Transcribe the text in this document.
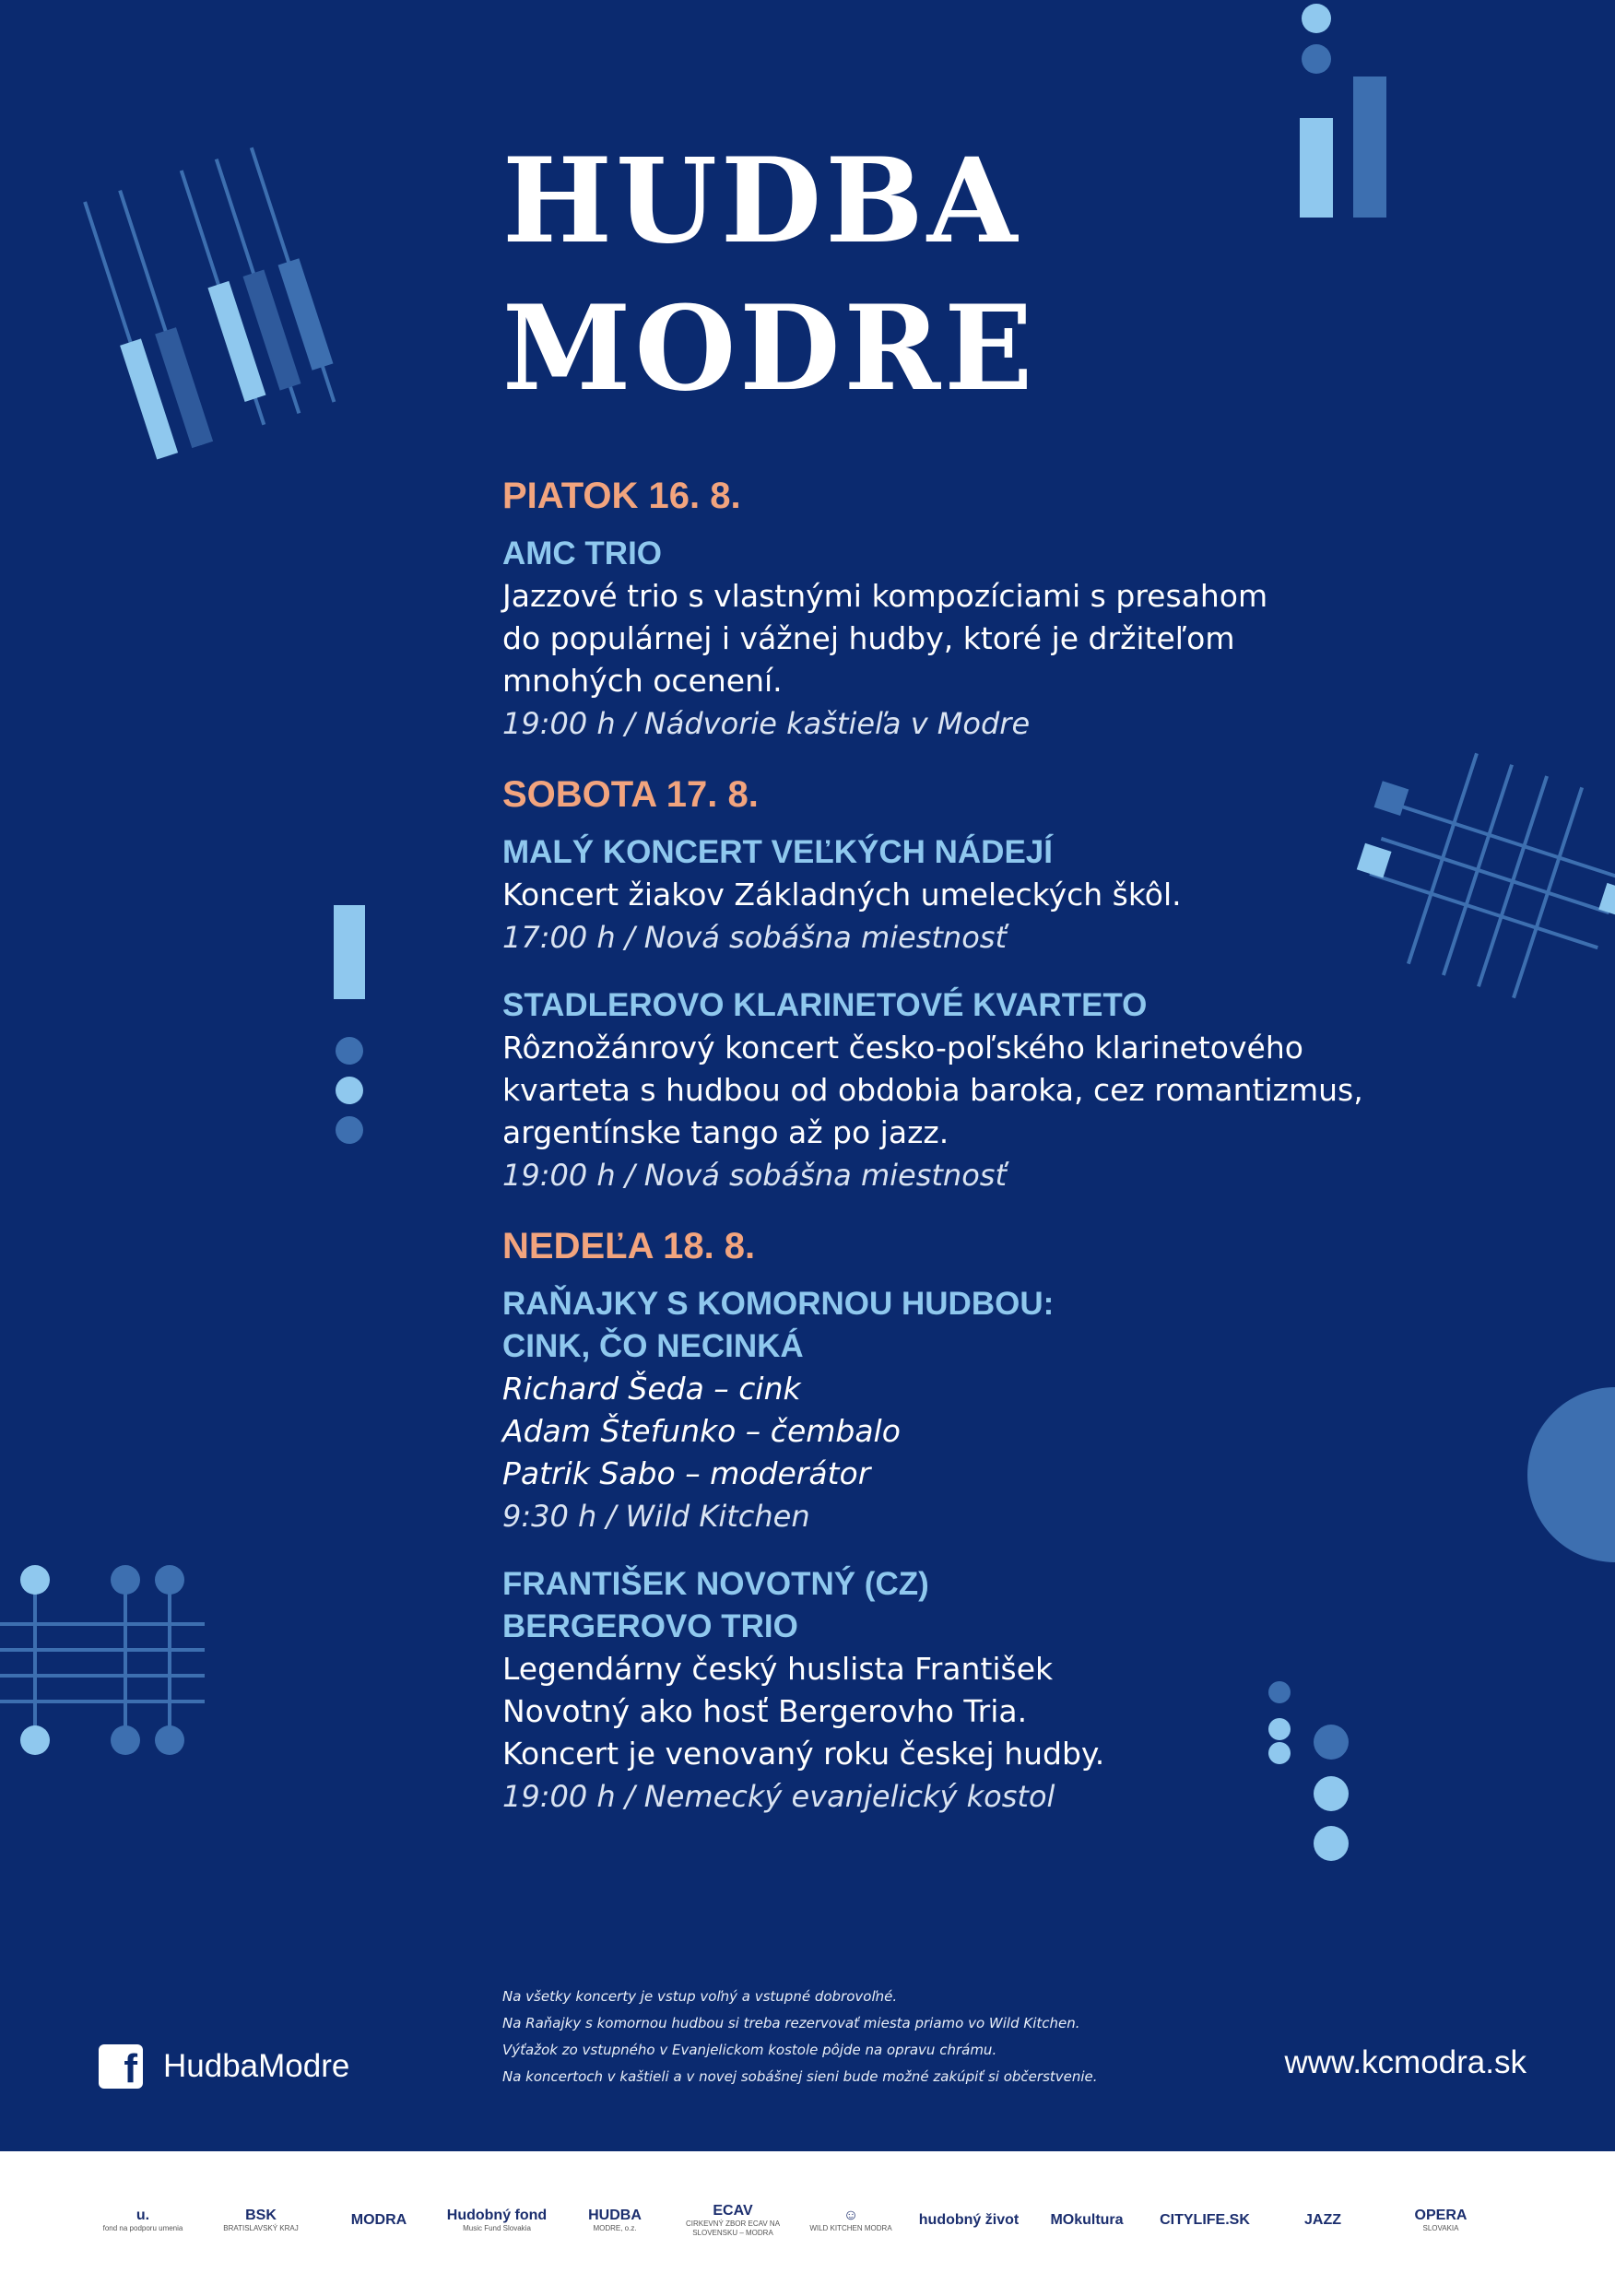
HUDBA
MODRE
PIATOK 16. 8.
AMC TRIO
Jazzové trio s vlastnými kompozíciami s presahom
do populárnej i vážnej hudby, ktoré je držiteľom
mnohých ocenení.
19:00 h / Nádvorie kaštieľa v Modre
SOBOTA 17. 8.
MALÝ KONCERT VEĽKÝCH NÁDEJÍ
Koncert žiakov Základných umeleckých škôl.
17:00 h / Nová sobášna miestnosť
STADLEROVO KLARINETOVÉ KVARTETO
Rôznožánrový koncert česko-poľského klarinetového
kvarteta s hudbou od obdobia baroka, cez romantizmus,
argentínske tango až po jazz.
19:00 h / Nová sobášna miestnosť
NEDEĽA 18. 8.
RAŇAJKY S KOMORNOU HUDBOU:
CINK, ČO NECINKÁ
Richard Šeda – cink
Adam Štefunko – čembalo
Patrik Sabo – moderátor
9:30 h / Wild Kitchen
FRANTIŠEK NOVOTNÝ (CZ)
BERGEROVO TRIO
Legendárny český huslista František
Novotný ako hosť Bergerovho Tria.
Koncert je venovaný roku českej hudby.
19:00 h / Nemecký evanjelický kostol
Na všetky koncerty je vstup voľný a vstupné dobrovoľné.
Na Raňajky s komornou hudbou si treba rezervovať miesta priamo vo Wild Kitchen.
Výťažok zo vstupného v Evanjelickom kostole pôjde na opravu chrámu.
Na koncertoch v kaštieli a v novej sobášnej sieni bude možné zakúpiť si občerstvenie.
f HudbaModre	www.kcmodra.sk
u.
fond na podporu umenia
BSK
BRATISLAVSKÝ KRAJ
MODRA	Hudobný fond
Music Fund Slovakia
HUDBA
MODRE, o.z.
ECAV
CIRKEVNÝ ZBOR ECAV NA SLOVENSKU – MODRA
☺
WILD KITCHEN MODRA
hudobný život MOkultura CITYLIFE.SK	JAZZ	OPERA
SLOVAKIA
